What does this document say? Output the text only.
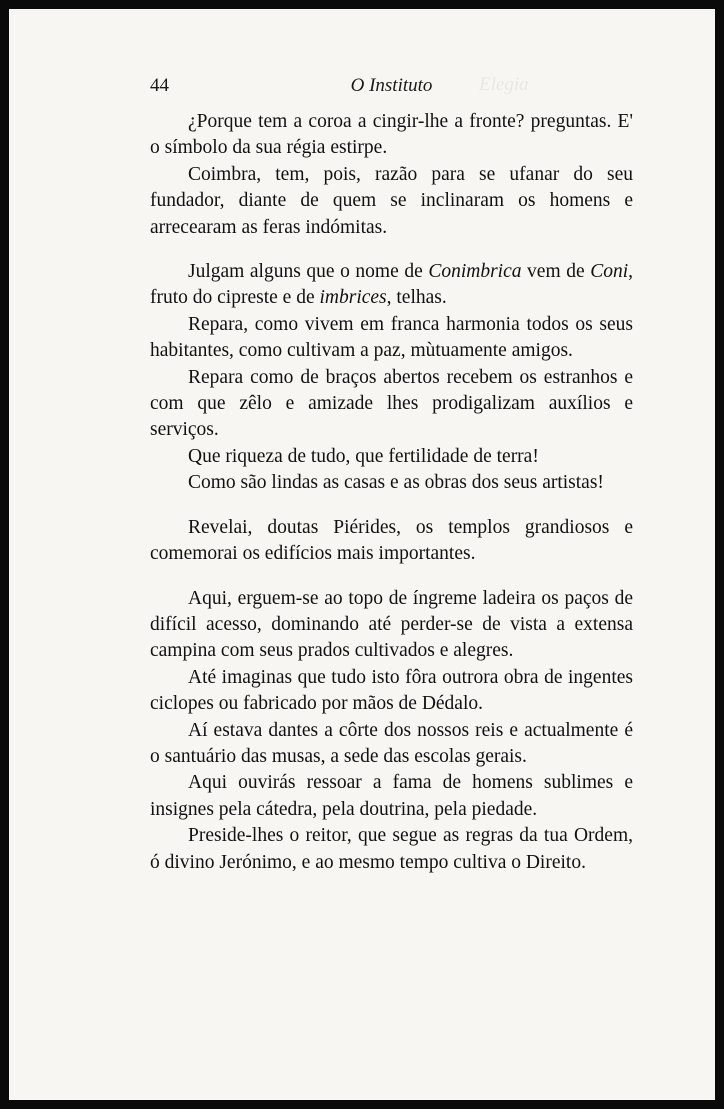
Elegia
44	O Instituto

¿Porque tem a coroa a cingir-lhe a fronte? preguntas. E' o símbolo da sua régia estirpe.

Coimbra, tem, pois, razão para se ufanar do seu fundador, diante de quem se inclinaram os homens e arrecearam as feras indómitas.

Julgam alguns que o nome de Conimbrica vem de Coni, fruto do cipreste e de imbrices, telhas.

Repara, como vivem em franca harmonia todos os seus habitantes, como cultivam a paz, mùtuamente amigos.

Repara como de braços abertos recebem os estranhos e com que zêlo e amizade lhes prodigalizam auxílios e serviços.

Que riqueza de tudo, que fertilidade de terra!

Como são lindas as casas e as obras dos seus artistas!

Revelai, doutas Piérides, os templos grandiosos e comemorai os edifícios mais importantes.

Aqui, erguem-se ao topo de íngreme ladeira os paços de difícil acesso, dominando até perder-se de vista a extensa campina com seus prados cultivados e alegres.

Até imaginas que tudo isto fôra outrora obra de ingentes ciclopes ou fabricado por mãos de Dédalo.

Aí estava dantes a côrte dos nossos reis e actualmente é o santuário das musas, a sede das escolas gerais.

Aqui ouvirás ressoar a fama de homens sublimes e insignes pela cátedra, pela doutrina, pela piedade.

Preside-lhes o reitor, que segue as regras da tua Ordem, ó divino Jerónimo, e ao mesmo tempo cultiva o Direito.
